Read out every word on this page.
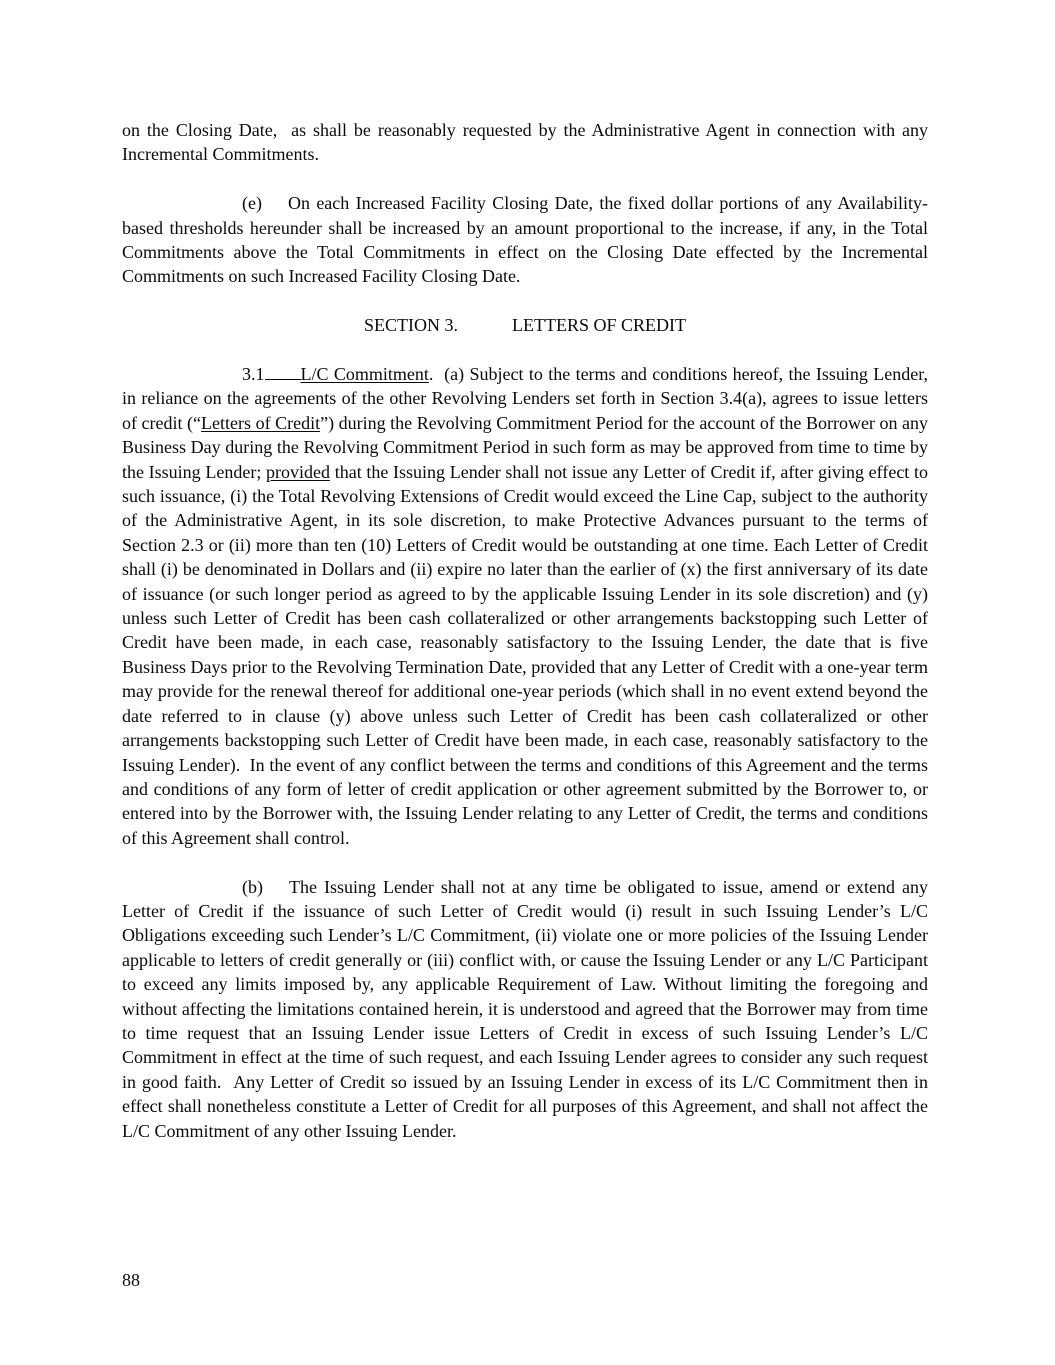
on the Closing Date,  as shall be reasonably requested by the Administrative Agent in connection with any Incremental Commitments.

(e) On each Increased Facility Closing Date, the fixed dollar portions of any Availability-based thresholds hereunder shall be increased by an amount proportional to the increase, if any, in the Total Commitments above the Total Commitments in effect on the Closing Date effected by the Incremental Commitments on such Increased Facility Closing Date.

SECTION 3.	LETTERS OF CREDIT

3.1 L/C Commitment.  (a) Subject to the terms and conditions hereof, the Issuing Lender, in reliance on the agreements of the other Revolving Lenders set forth in Section 3.4(a), agrees to issue letters of credit (“Letters of Credit”) during the Revolving Commitment Period for the account of the Borrower on any Business Day during the Revolving Commitment Period in such form as may be approved from time to time by the Issuing Lender; provided that the Issuing Lender shall not issue any Letter of Credit if, after giving effect to such issuance, (i) the Total Revolving Extensions of Credit would exceed the Line Cap, subject to the authority of the Administrative Agent, in its sole discretion, to make Protective Advances pursuant to the terms of Section 2.3 or (ii) more than ten (10) Letters of Credit would be outstanding at one time. Each Letter of Credit shall (i) be denominated in Dollars and (ii) expire no later than the earlier of (x) the first anniversary of its date of issuance (or such longer period as agreed to by the applicable Issuing Lender in its sole discretion) and (y) unless such Letter of Credit has been cash collateralized or other arrangements backstopping such Letter of Credit have been made, in each case, reasonably satisfactory to the Issuing Lender, the date that is five Business Days prior to the Revolving Termination Date, provided that any Letter of Credit with a one-year term may provide for the renewal thereof for additional one-year periods (which shall in no event extend beyond the date referred to in clause (y) above unless such Letter of Credit has been cash collateralized or other arrangements backstopping such Letter of Credit have been made, in each case, reasonably satisfactory to the Issuing Lender).  In the event of any conflict between the terms and conditions of this Agreement and the terms and conditions of any form of letter of credit application or other agreement submitted by the Borrower to, or entered into by the Borrower with, the Issuing Lender relating to any Letter of Credit, the terms and conditions of this Agreement shall control.

(b) The Issuing Lender shall not at any time be obligated to issue, amend or extend any Letter of Credit if the issuance of such Letter of Credit would (i) result in such Issuing Lender’s L/C Obligations exceeding such Lender’s L/C Commitment, (ii) violate one or more policies of the Issuing Lender applicable to letters of credit generally or (iii) conflict with, or cause the Issuing Lender or any L/C Participant to exceed any limits imposed by, any applicable Requirement of Law. Without limiting the foregoing and without affecting the limitations contained herein, it is understood and agreed that the Borrower may from time to time request that an Issuing Lender issue Letters of Credit in excess of such Issuing Lender’s L/C Commitment in effect at the time of such request, and each Issuing Lender agrees to consider any such request in good faith.  Any Letter of Credit so issued by an Issuing Lender in excess of its L/C Commitment then in effect shall nonetheless constitute a Letter of Credit for all purposes of this Agreement, and shall not affect the L/C Commitment of any other Issuing Lender.

88
